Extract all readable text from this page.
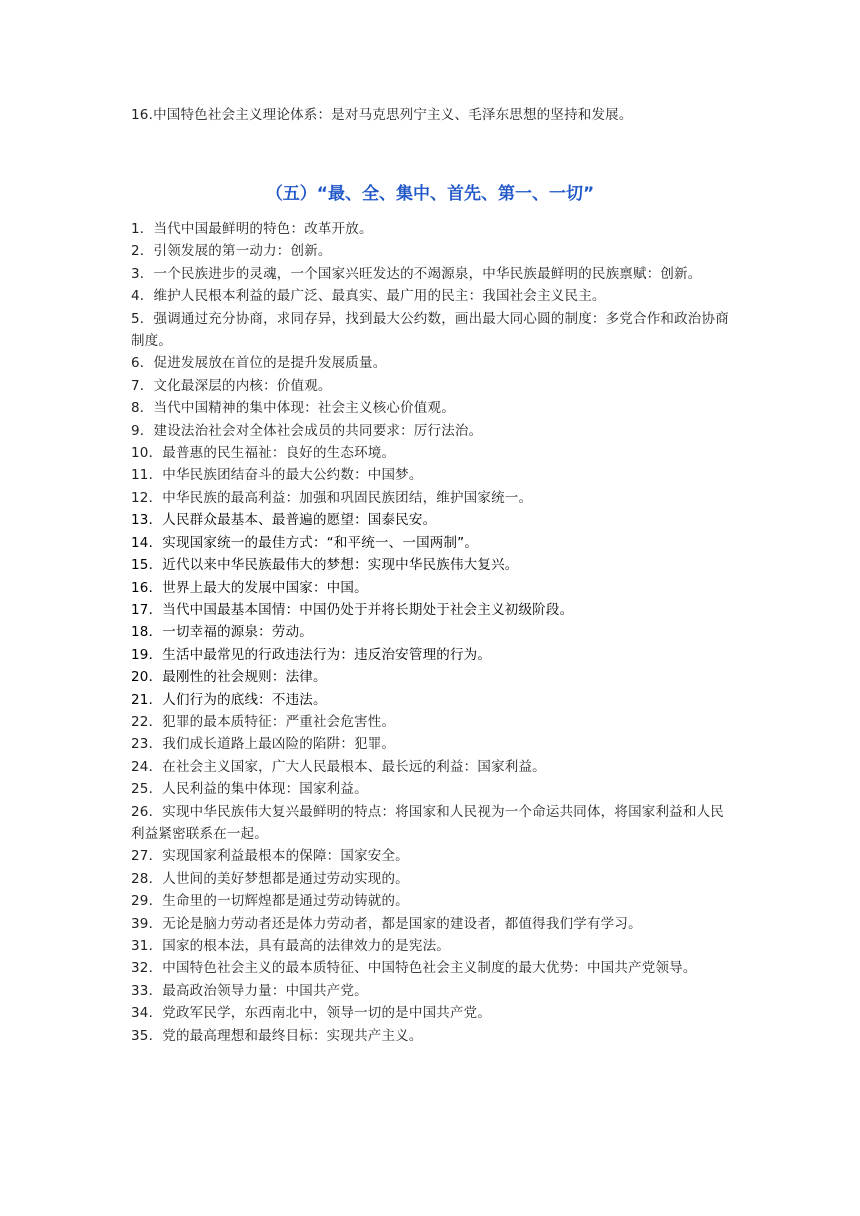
16.中国特色社会主义理论体系：是对马克思列宁主义、毛泽东思想的坚持和发展。

（五）“最、全、集中、首先、第一、一切”
1．当代中国最鲜明的特色：改革开放。
2．引领发展的第一动力：创新。
3．一个民族进步的灵魂，一个国家兴旺发达的不竭源泉，中华民族最鲜明的民族禀赋：创新。
4．维护人民根本利益的最广泛、最真实、最广用的民主：我国社会主义民主。
5．强调通过充分协商，求同存异，找到最大公约数，画出最大同心圆的制度：多党合作和政治协商制度。
6．促进发展放在首位的是提升发展质量。
7．文化最深层的内核：价值观。
8．当代中国精神的集中体现：社会主义核心价值观。
9．建设法治社会对全体社会成员的共同要求：厉行法治。
10．最普惠的民生福祉：良好的生态环境。
11．中华民族团结奋斗的最大公约数：中国梦。
12．中华民族的最高利益：加强和巩固民族团结，维护国家统一。
13．人民群众最基本、最普遍的愿望：国泰民安。
14．实现国家统一的最佳方式：“和平统一、一国两制”。
15．近代以来中华民族最伟大的梦想：实现中华民族伟大复兴。
16．世界上最大的发展中国家：中国。
17．当代中国最基本国情：中国仍处于并将长期处于社会主义初级阶段。
18．一切幸福的源泉：劳动。
19．生活中最常见的行政违法行为：违反治安管理的行为。
20．最刚性的社会规则：法律。
21．人们行为的底线：不违法。
22．犯罪的最本质特征：严重社会危害性。
23．我们成长道路上最凶险的陷阱：犯罪。
24．在社会主义国家，广大人民最根本、最长远的利益：国家利益。
25．人民利益的集中体现：国家利益。
26．实现中华民族伟大复兴最鲜明的特点：将国家和人民视为一个命运共同体，将国家利益和人民利益紧密联系在一起。
27．实现国家利益最根本的保障：国家安全。
28．人世间的美好梦想都是通过劳动实现的。
29．生命里的一切辉煌都是通过劳动铸就的。
39．无论是脑力劳动者还是体力劳动者，都是国家的建设者，都值得我们学有学习。
31．国家的根本法，具有最高的法律效力的是宪法。
32．中国特色社会主义的最本质特征、中国特色社会主义制度的最大优势：中国共产党领导。
33．最高政治领导力量：中国共产党。
34．党政军民学，东西南北中，领导一切的是中国共产党。
35．党的最高理想和最终目标：实现共产主义。
